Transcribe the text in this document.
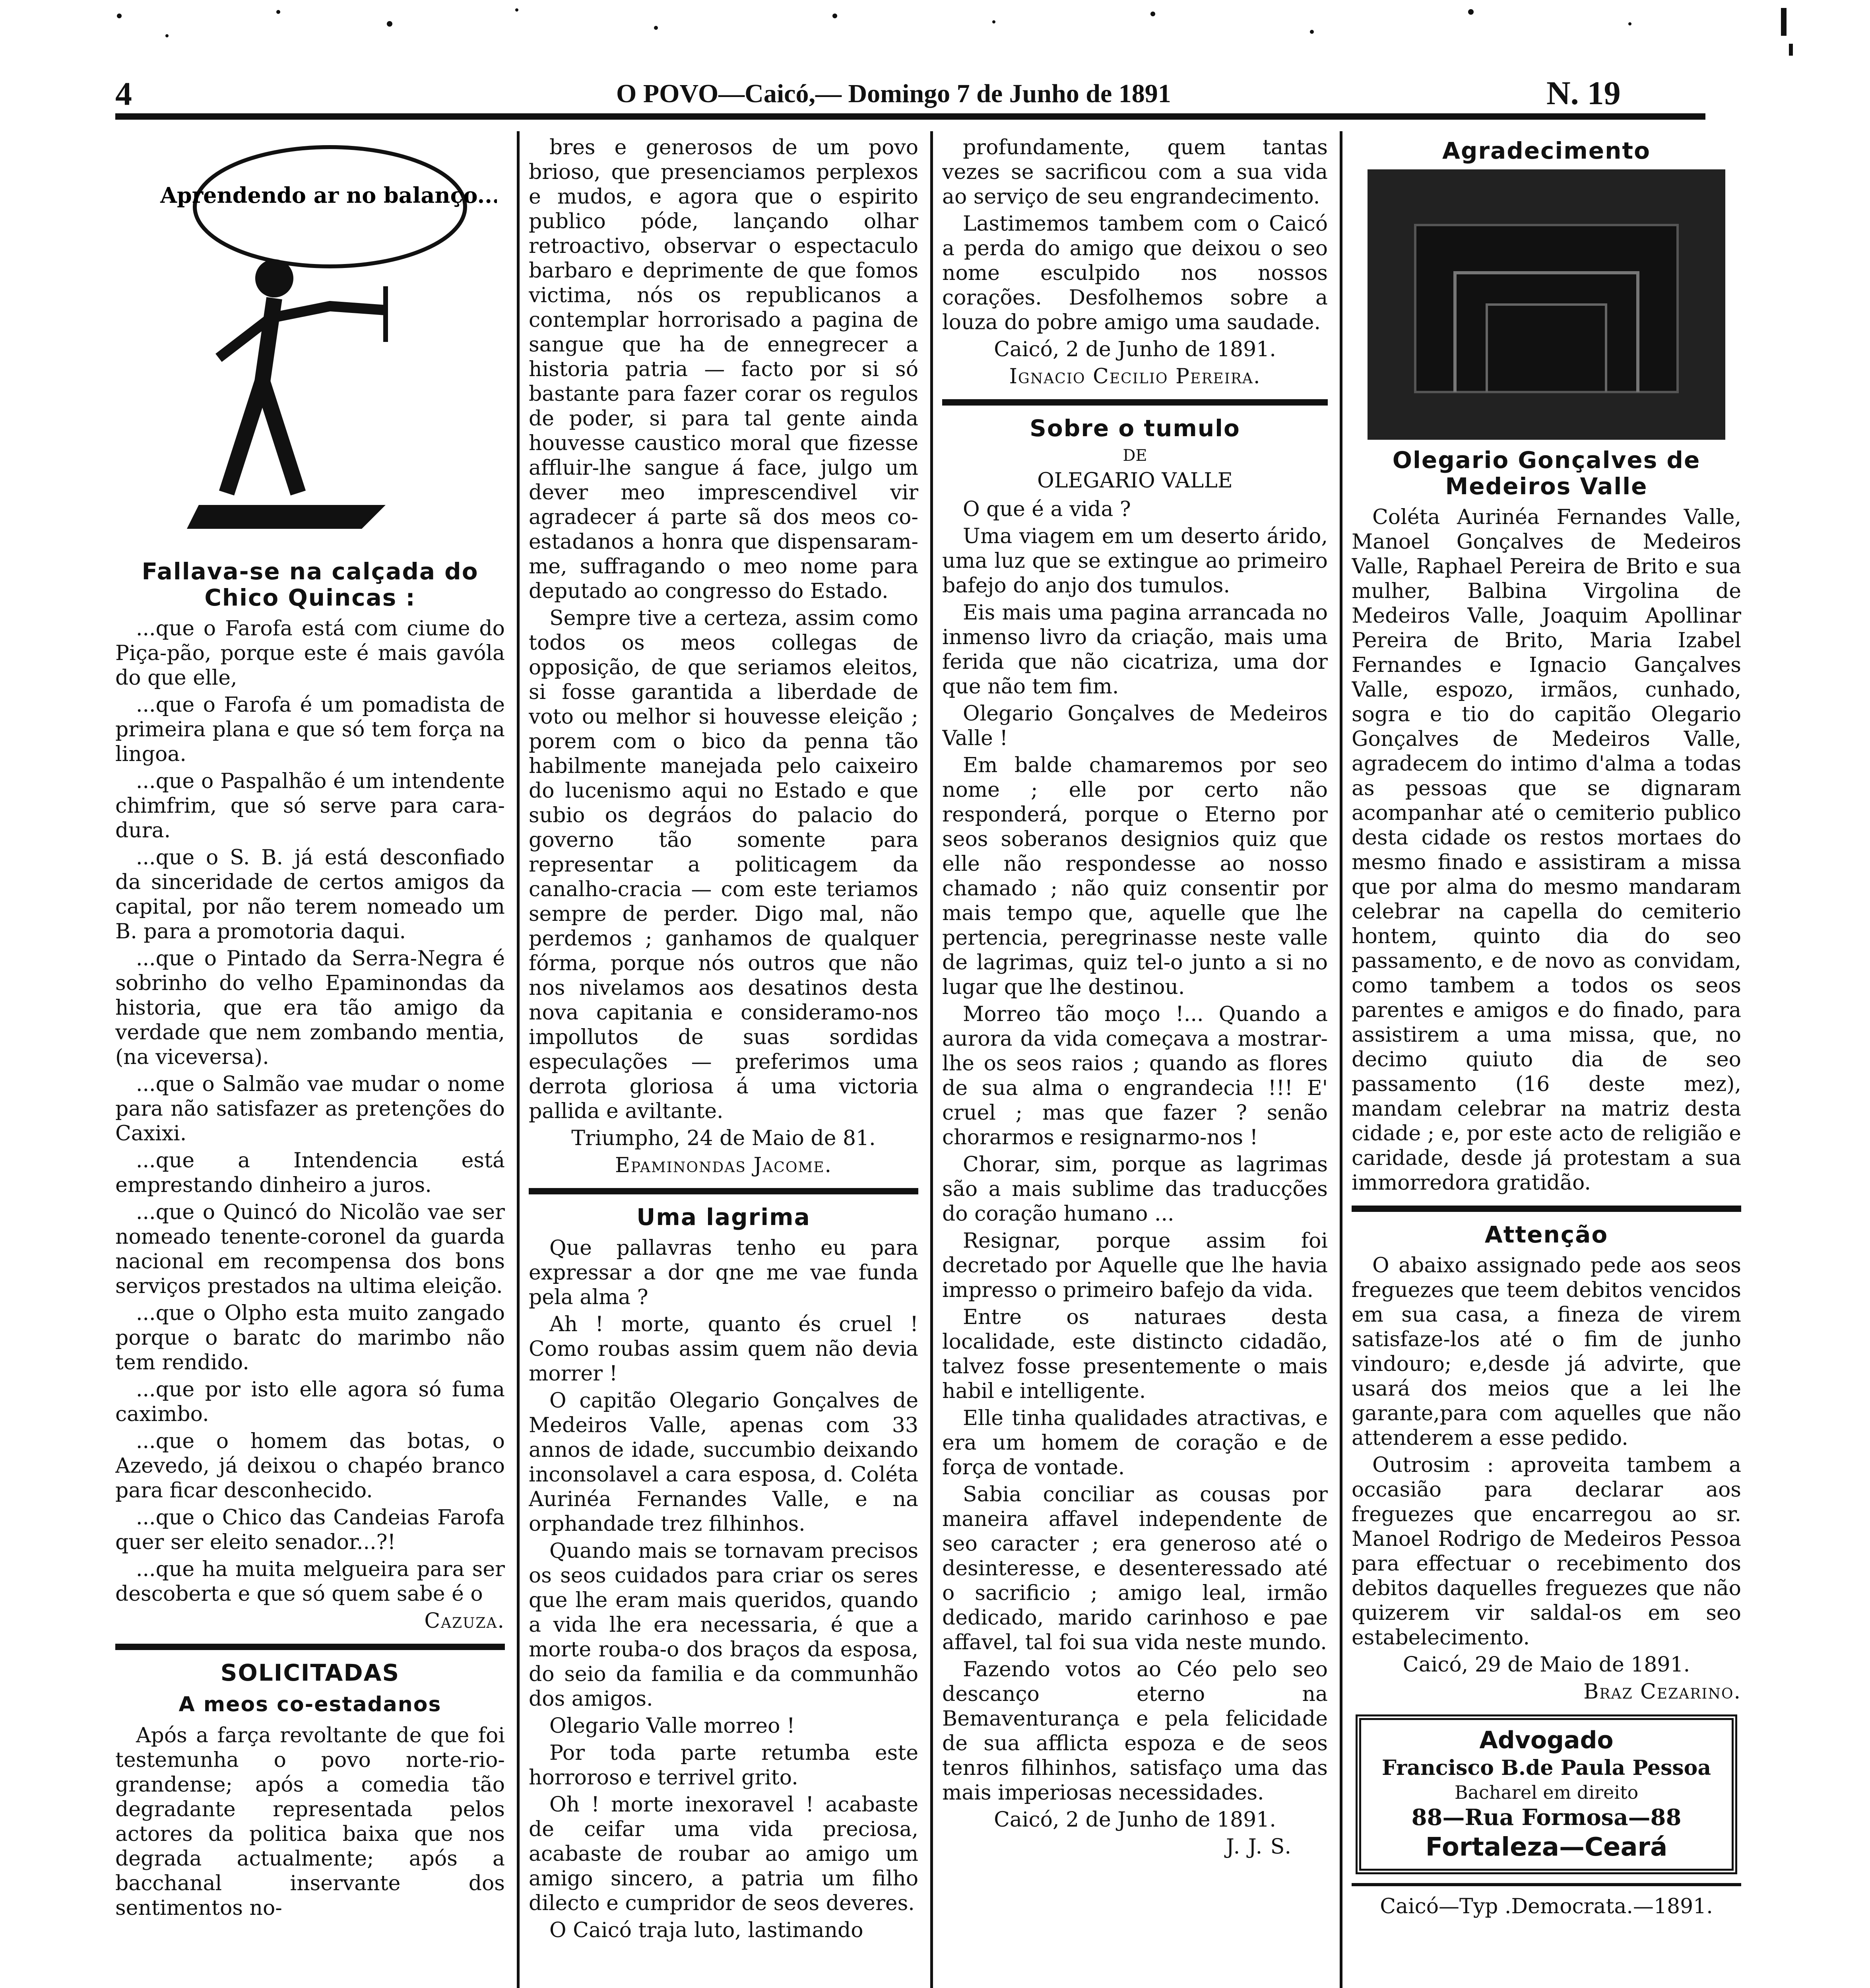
4	O POVO—Caicó,— Domingo 7 de Junho de 1891	N. 19
Aprendendo ar no balanço...
Fallava-se na calçada do Chico Quincas :

...que o Farofa está com ciume do Piça-pão, porque este é mais gavóla do que elle,

...que o Farofa é um pomadista de primeira plana e que só tem força na lingoa.

...que o Paspalhão é um intendente chimfrim, que só serve para cara-dura.

...que o S. B. já está desconfiado da sinceridade de certos amigos da capital, por não terem nomeado um B. para a promotoria daqui.

...que o Pintado da Serra-Negra é sobrinho do velho Epaminondas da historia, que era tão amigo da verdade que nem zombando mentia, (na viceversa).

...que o Salmão vae mudar o nome para não satisfazer as pretenções do Caxixi.

...que a Intendencia está emprestando dinheiro a juros.

...que o Quincó do Nicolão vae ser nomeado tenente-coronel da guarda nacional em recompensa dos bons serviços prestados na ultima eleição.

...que o Olpho esta muito zangado porque o baratc do marimbo não tem rendido.

...que por isto elle agora só fuma caximbo.

...que o homem das botas, o Azevedo, já deixou o chapéo branco para ficar desconhecido.

...que o Chico das Candeias Farofa quer ser eleito senador...?!

...que ha muita melgueira para ser descoberta e que só quem sabe é o

Cazuza.
SOLICITADAS
A meos co-estadanos

Após a farça revoltante de que foi testemunha o povo norte-rio-grandense; após a comedia tão degradante representada pelos actores da politica baixa que nos degrada actualmente; após a bacchanal inservante dos sentimentos no-

bres e generosos de um povo brioso, que presenciamos perplexos e mudos, e agora que o espirito publico póde, lançando olhar retroactivo, observar o espectaculo barbaro e deprimente de que fomos victima, nós os republicanos a contemplar horrorisado a pagina de sangue que ha de ennegrecer a historia patria — facto por si só bastante para fazer corar os regulos de poder, si para tal gente ainda houvesse caustico moral que fizesse affluir-lhe sangue á face, julgo um dever meo imprescendivel vir agradecer á parte sã dos meos co-estadanos a honra que dispensaram-me, suffragando o meo nome para deputado ao congresso do Estado.

Sempre tive a certeza, assim como todos os meos collegas de opposição, de que seriamos eleitos, si fosse garantida a liberdade de voto ou melhor si houvesse eleição ; porem com o bico da penna tão habilmente manejada pelo caixeiro do lucenismo aqui no Estado e que subio os degráos do palacio do governo tão somente para representar a politicagem da canalho-cracia — com este teriamos sempre de perder. Digo mal, não perdemos ; ganhamos de qualquer fórma, porque nós outros que não nos nivelamos aos desatinos desta nova capitania e consideramo-nos impollutos de suas sordidas especulações — preferimos uma derrota gloriosa á uma victoria pallida e aviltante.

Triumpho, 24 de Maio de 81.

Epaminondas Jacome.
Uma lagrima

Que pallavras tenho eu para expressar a dor qne me vae funda pela alma ?

Ah ! morte, quanto és cruel ! Como roubas assim quem não devia morrer !

O capitão Olegario Gonçalves de Medeiros Valle, apenas com 33 annos de idade, succumbio deixando inconsolavel a cara esposa, d. Coléta Aurinéa Fernandes Valle, e na orphandade trez filhinhos.

Quando mais se tornavam precisos os seos cuidados para criar os seres que lhe eram mais queridos, quando a vida lhe era necessaria, é que a morte rouba-o dos braços da esposa, do seio da familia e da communhão dos amigos.

Olegario Valle morreo !

Por toda parte retumba este horroroso e terrivel grito.

Oh ! morte inexoravel ! acabaste de ceifar uma vida preciosa, acabaste de roubar ao amigo um amigo sincero, a patria um filho dilecto e cumpridor de seos deveres.

O Caicó traja luto, lastimando

profundamente, quem tantas vezes se sacrificou com a sua vida ao serviço de seu engrandecimento.

Lastimemos tambem com o Caicó a perda do amigo que deixou o seo nome esculpido nos nossos corações. Desfolhemos sobre a louza do pobre amigo uma saudade.

Caicó, 2 de Junho de 1891.

Ignacio Cecilio Pereira.
Sobre o tumulo
DE
OLEGARIO VALLE

O que é a vida ?

Uma viagem em um deserto árido, uma luz que se extingue ao primeiro bafejo do anjo dos tumulos.

Eis mais uma pagina arrancada no inmenso livro da criação, mais uma ferida que não cicatriza, uma dor que não tem fim.

Olegario Gonçalves de Medeiros Valle !

Em balde chamaremos por seo nome ; elle por certo não responderá, porque o Eterno por seos soberanos designios quiz que elle não respondesse ao nosso chamado ; não quiz consentir por mais tempo que, aquelle que lhe pertencia, peregrinasse neste valle de lagrimas, quiz tel-o junto a si no lugar que lhe destinou.

Morreo tão moço !... Quando a aurora da vida começava a mostrar-lhe os seos raios ; quando as flores de sua alma o engrandecia !!! E' cruel ; mas que fazer ? senão chorarmos e resignarmo-nos !

Chorar, sim, porque as lagrimas são a mais sublime das traducções do coração humano ...

Resignar, porque assim foi decretado por Aquelle que lhe havia impresso o primeiro bafejo da vida.

Entre os naturaes desta localidade, este distincto cidadão, talvez fosse presentemente o mais habil e intelligente.

Elle tinha qualidades atractivas, e era um homem de coração e de força de vontade.

Sabia conciliar as cousas por maneira affavel independente de seo caracter ; era generoso até o desinteresse, e desenteressado até o sacrificio ; amigo leal, irmão dedicado, marido carinhoso e pae affavel, tal foi sua vida neste mundo.

Fazendo votos ao Céo pelo seo descanço eterno na Bemaventurança e pela felicidade de sua afflicta espoza e de seos tenros filhinhos, satisfaço uma das mais imperiosas necessidades.

Caicó, 2 de Junho de 1891.

J. J. S.
Agradecimento
Olegario Gonçalves de Medeiros Valle

Coléta Aurinéa Fernandes Valle, Manoel Gonçalves de Medeiros Valle, Raphael Pereira de Brito e sua mulher, Balbina Virgolina de Medeiros Valle, Joaquim Apollinar Pereira de Brito, Maria Izabel Fernandes e Ignacio Gançalves Valle, espozo, irmãos, cunhado, sogra e tio do capitão Olegario Gonçalves de Medeiros Valle, agradecem do intimo d'alma a todas as pessoas que se dignaram acompanhar até o cemiterio publico desta cidade os restos mortaes do mesmo finado e assistiram a missa que por alma do mesmo mandaram celebrar na capella do cemiterio hontem, quinto dia do seo passamento, e de novo as convidam, como tambem a todos os seos parentes e amigos e do finado, para assistirem a uma missa, que, no decimo quiuto dia de seo passamento (16 deste mez), mandam celebrar na matriz desta cidade ; e, por este acto de religião e caridade, desde já protestam a sua immorredora gratidão.

Attenção

O abaixo assignado pede aos seos freguezes que teem debitos vencidos em sua casa, a fineza de virem satisfaze-los até o fim de junho vindouro; e,desde já advirte, que usará dos meios que a lei lhe garante,para com aquelles que não attenderem a esse pedido.

Outrosim : aproveita tambem a occasião para declarar aos freguezes que encarregou ao sr. Manoel Rodrigo de Medeiros Pessoa para effectuar o recebimento dos debitos daquelles freguezes que não quizerem vir saldal-os em seo estabelecimento.

Caicó, 29 de Maio de 1891.

Braz Cezarino.
Advogado
Francisco B.de Paula Pessoa
Bacharel em direito
88—Rua Formosa—88
Fortaleza—Ceará
Caicó—Typ .Democrata.—1891.
